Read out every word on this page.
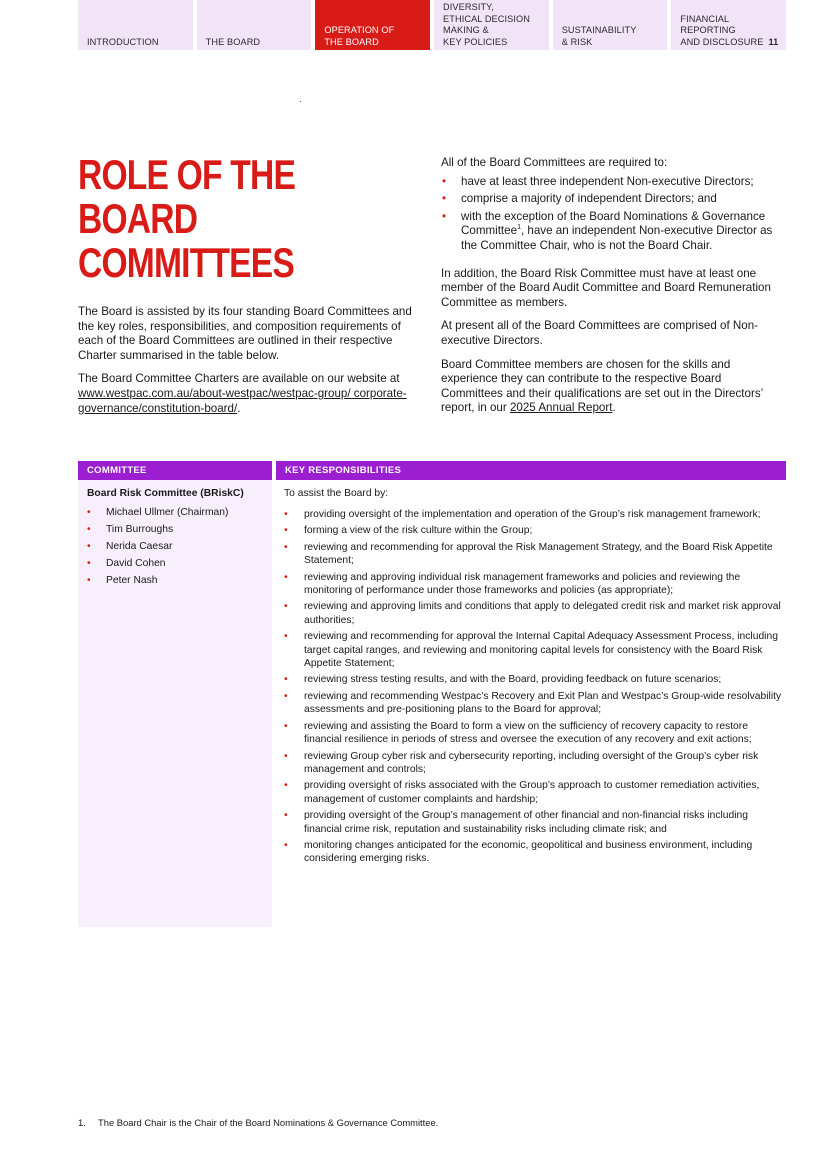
INTRODUCTION	THE BOARD
OPERATION OF
THE BOARD
DIVERSITY,
ETHICAL DECISION
MAKING &
KEY POLICIES
SUSTAINABILITY
& RISK
FINANCIAL
REPORTING
AND DISCLOSURE 11
ROLE OF THE BOARD COMMITTEES

The Board is assisted by its four standing Board Committees and the key roles, responsibilities, and composition requirements of each of the Board Committees are outlined in their respective Charter summarised in the table below.

The Board Committee Charters are available on our website at www.westpac.com.au/about-westpac/westpac-group/ corporate-governance/constitution-board/.

All of the Board Committees are required to:

• have at least three independent Non-executive Directors;
• comprise a majority of independent Directors; and
• with the exception of the Board Nominations & Governance Committee$^1$, have an independent Non-executive Director as the Committee Chair, who is not the Board Chair.

In addition, the Board Risk Committee must have at least one member of the Board Audit Committee and Board Remuneration Committee as members.

At present all of the Board Committees are comprised of Non-executive Directors.

Board Committee members are chosen for the skills and experience they can contribute to the respective Board Committees and their qualifications are set out in the Directors’ report, in our 2025 Annual Report.

COMMITTEE	KEY RESPONSIBILITIES
Board Risk Committee (BRiskC)
• Michael Ullmer (Chairman)
• Tim Burroughs
• Nerida Caesar
• David Cohen
• Peter Nash
To assist the Board by:
• providing oversight of the implementation and operation of the Group’s risk management framework;
• forming a view of the risk culture within the Group;
• reviewing and recommending for approval the Risk Management Strategy, and the Board Risk Appetite Statement;
• reviewing and approving individual risk management frameworks and policies and reviewing the monitoring of performance under those frameworks and policies (as appropriate);
• reviewing and approving limits and conditions that apply to delegated credit risk and market risk approval authorities;
• reviewing and recommending for approval the Internal Capital Adequacy Assessment Process, including target capital ranges, and reviewing and monitoring capital levels for consistency with the Board Risk Appetite Statement;
• reviewing stress testing results, and with the Board, providing feedback on future scenarios;
• reviewing and recommending Westpac’s Recovery and Exit Plan and Westpac’s Group-wide resolvability assessments and pre-positioning plans to the Board for approval;
• reviewing and assisting the Board to form a view on the sufficiency of recovery capacity to restore financial resilience in periods of stress and oversee the execution of any recovery and exit actions;
• reviewing Group cyber risk and cybersecurity reporting, including oversight of the Group’s cyber risk management and controls;
• providing oversight of risks associated with the Group’s approach to customer remediation activities, management of customer complaints and hardship;
• providing oversight of the Group’s management of other financial and non-financial risks including financial crime risk, reputation and sustainability risks including climate risk; and
• monitoring changes anticipated for the economic, geopolitical and business environment, including considering emerging risks.
1. The Board Chair is the Chair of the Board Nominations & Governance Committee.
